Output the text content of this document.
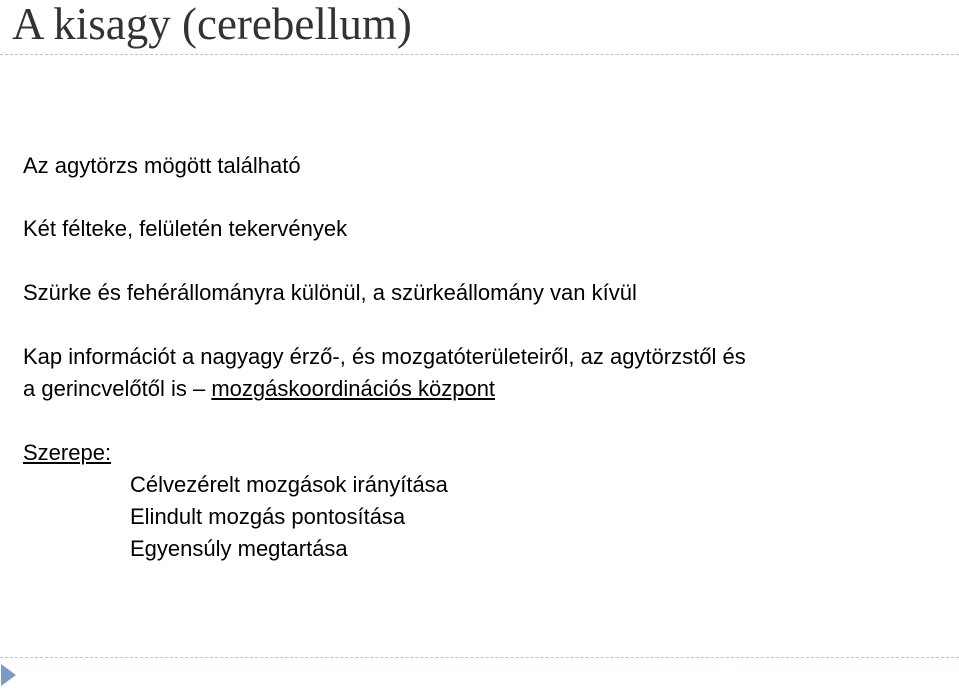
A kisagy (cerebellum)
Az agytörzs mögött található
Két félteke, felületén tekervények
Szürke és fehérállományra különül, a szürkeállomány van kívül
Kap információt a nagyagy érző-, és mozgatóterületeiről, az agytörzstől és
a gerincvelőtől is – mozgáskoordinációs központ
Szerepe:
Célvezérelt mozgások irányítása
Elindult mozgás pontosítása
Egyensúly megtartása
